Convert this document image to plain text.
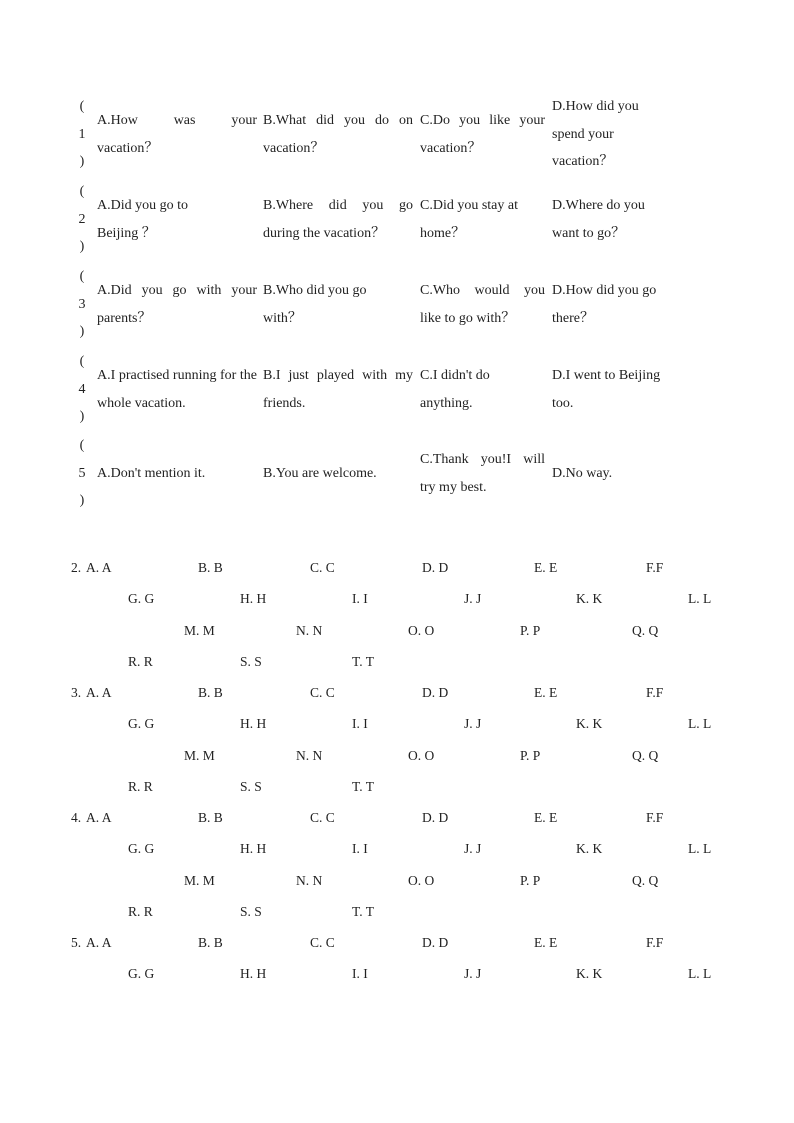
(
1
)
A.How was your vacation？
B.What did you do on vacation？
C.Do you like your vacation？
D.How did you spend your vacation？
(
2
)
A.Did you go to Beijing ？
B.Where did you go during the vacation？
C.Did you stay at home？
D.Where do you want to go？
(
3
)
A.Did you go with your parents？
B.Who did you go with？
C.Who would you like to go with？
D.How did you go there？
(
4
)
A.I practised running for the whole vacation.
B.I just played with my friends.
C.I didn't do anything.
D.I went to Beijing too.
(
5
)
A.Don't mention it.	B.You are welcome.
C.Thank you!I will try my best.
D.No way.
2. A. A	B. B	C. C	D. D	E. E	F.F
G. G	H. H	I. I	J. J	K. K	L. L
M. M	N. N	O. O	P. P	Q. Q
R. R	S. S	T. T
3. A. A	B. B	C. C	D. D	E. E	F.F
G. G	H. H	I. I	J. J	K. K	L. L
M. M	N. N	O. O	P. P	Q. Q
R. R	S. S	T. T
4. A. A	B. B	C. C	D. D	E. E	F.F
G. G	H. H	I. I	J. J	K. K	L. L
M. M	N. N	O. O	P. P	Q. Q
R. R	S. S	T. T
5. A. A	B. B	C. C	D. D	E. E	F.F
G. G	H. H	I. I	J. J	K. K	L. L
